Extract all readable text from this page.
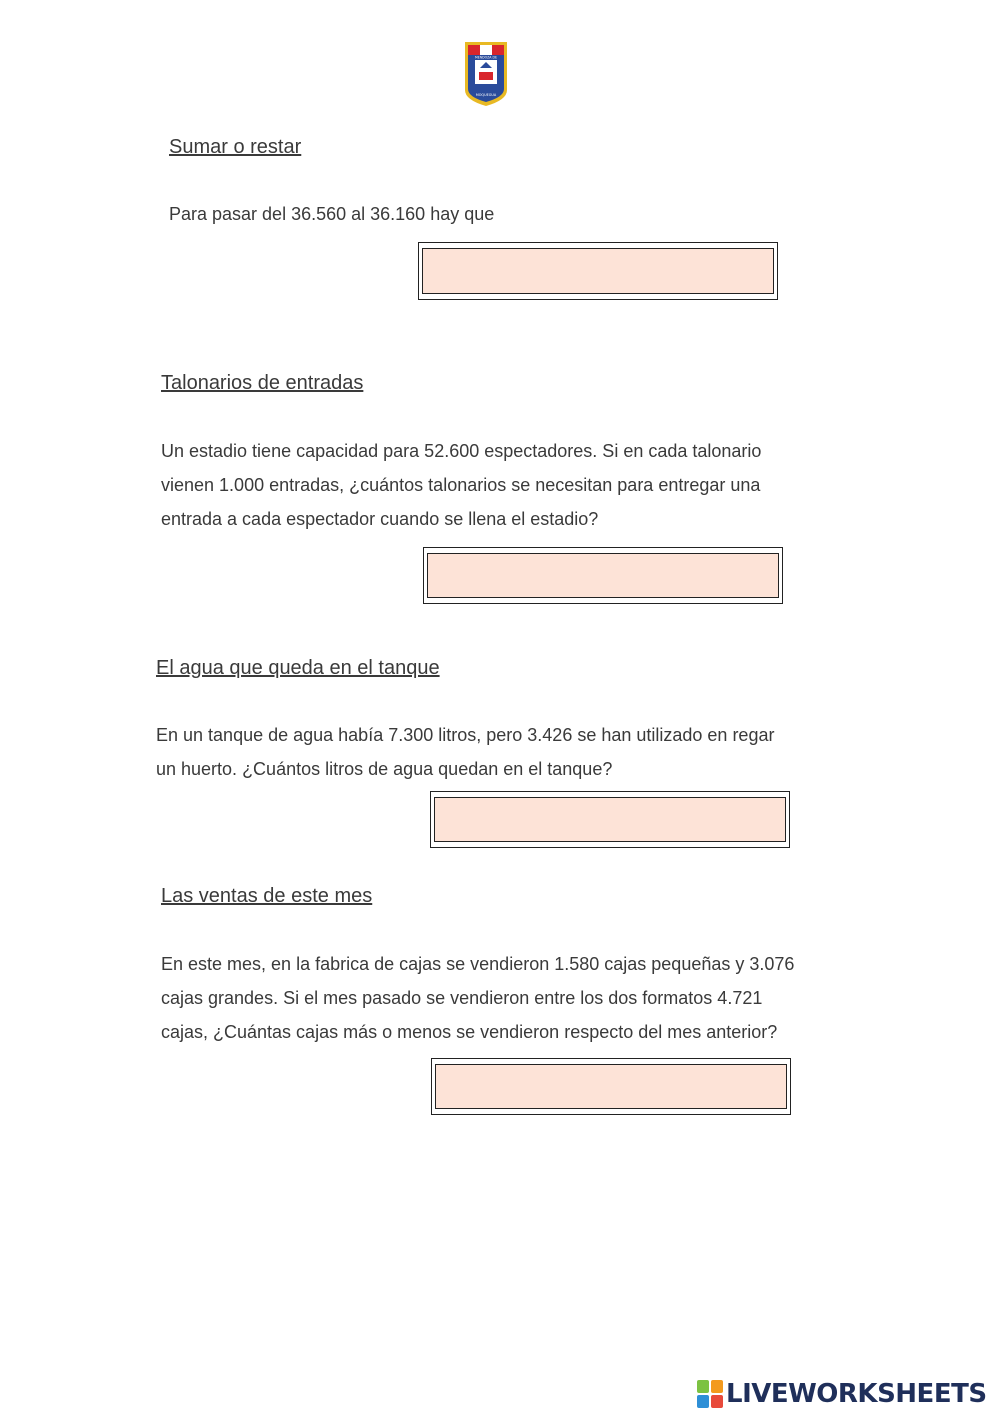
MENDOZA DE
MOQUEGUA
Sumar o restar
Para pasar del 36.560 al 36.160 hay que
Talonarios de entradas
Un estadio tiene capacidad para 52.600 espectadores. Si en cada talonario
vienen 1.000 entradas, ¿cuántos talonarios se necesitan para entregar una
entrada a cada espectador cuando se llena el estadio?
El agua que queda en el tanque
En un tanque de agua había 7.300 litros, pero 3.426 se han utilizado en regar
un huerto. ¿Cuántos litros de agua quedan en el tanque?
Las ventas de este mes
En este mes, en la fabrica de cajas se vendieron 1.580 cajas pequeñas y 3.076
cajas grandes. Si el mes pasado se vendieron entre los dos formatos 4.721
cajas, ¿Cuántas cajas más o menos se vendieron respecto del mes anterior?
LIVEWORKSHEETS
